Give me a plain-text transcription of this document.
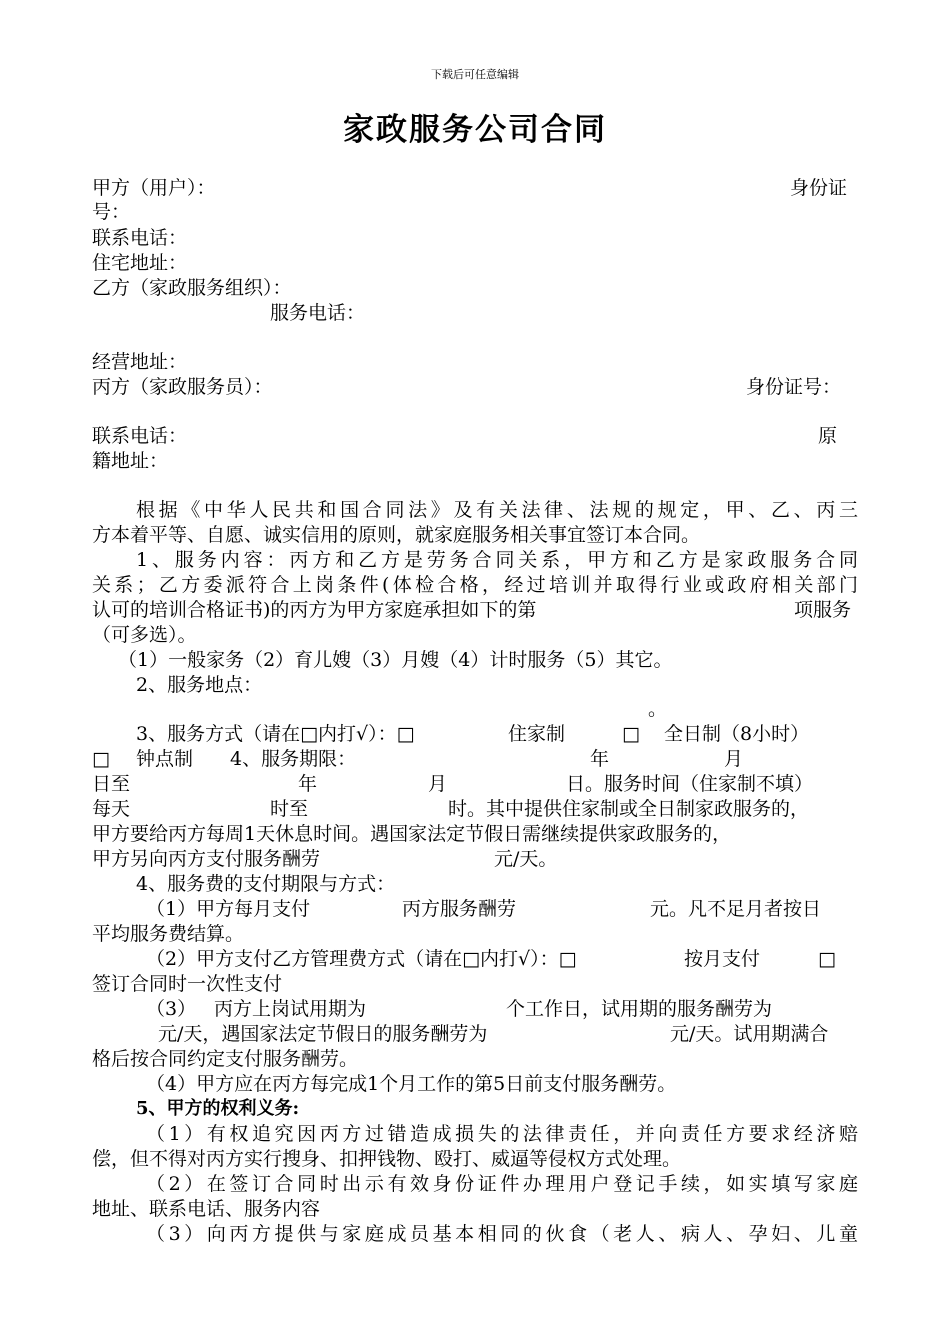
下载后可任意编辑
家政服务公司合同
甲方（用户）：	身份证
号：
联系电话：
住宅地址：
乙方（家政服务组织）：
服务电话：
经营地址：
丙方（家政服务员）：	身份证号：
联系电话：	原
籍地址：
根据《中华人民共和国合同法》及有关法律、法规的规定，甲、乙、丙三
方本着平等、自愿、诚实信用的原则，就家庭服务相关事宜签订本合同。
1、服务内容：丙方和乙方是劳务合同关系，甲方和乙方是家政服务合同
关系；乙方委派符合上岗条件(体检合格，经过培训并取得行业或政府相关部门
认可的培训合格证书)的丙方为甲方家庭承担如下的第	项服务
（可多选）。
（1）一般家务（2）育儿嫂（3）月嫂（4）计时服务（5）其它。
2、服务地点：
。
3、服务方式（请在□内打√）：□	住家制	□ 全日制（8小时）
□ 钟点制 4、服务期限：	年	月
日至	年	月	日。服务时间（住家制不填）
每天	时至	时。其中提供住家制或全日制家政服务的，
甲方要给丙方每周1天休息时间。遇国家法定节假日需继续提供家政服务的，
甲方另向丙方支付服务酬劳	元/天。
4、服务费的支付期限与方式：
（1）甲方每月支付	丙方服务酬劳	元。凡不足月者按日
平均服务费结算。
（2）甲方支付乙方管理费方式（请在□内打√）：□	按月支付	□
签订合同时一次性支付
（3） 丙方上岗试用期为	个工作日，试用期的服务酬劳为
元/天，遇国家法定节假日的服务酬劳为	元/天。试用期满合
格后按合同约定支付服务酬劳。
（4）甲方应在丙方每完成1个月工作的第5日前支付服务酬劳。
5、甲方的权利义务:
（1）有权追究因丙方过错造成损失的法律责任，并向责任方要求经济赔
偿，但不得对丙方实行搜身、扣押钱物、殴打、威逼等侵权方式处理。
（2）在签订合同时出示有效身份证件办理用户登记手续，如实填写家庭
地址、联系电话、服务内容
（3）向丙方提供与家庭成员基本相同的伙食（老人、病人、孕妇、儿童
